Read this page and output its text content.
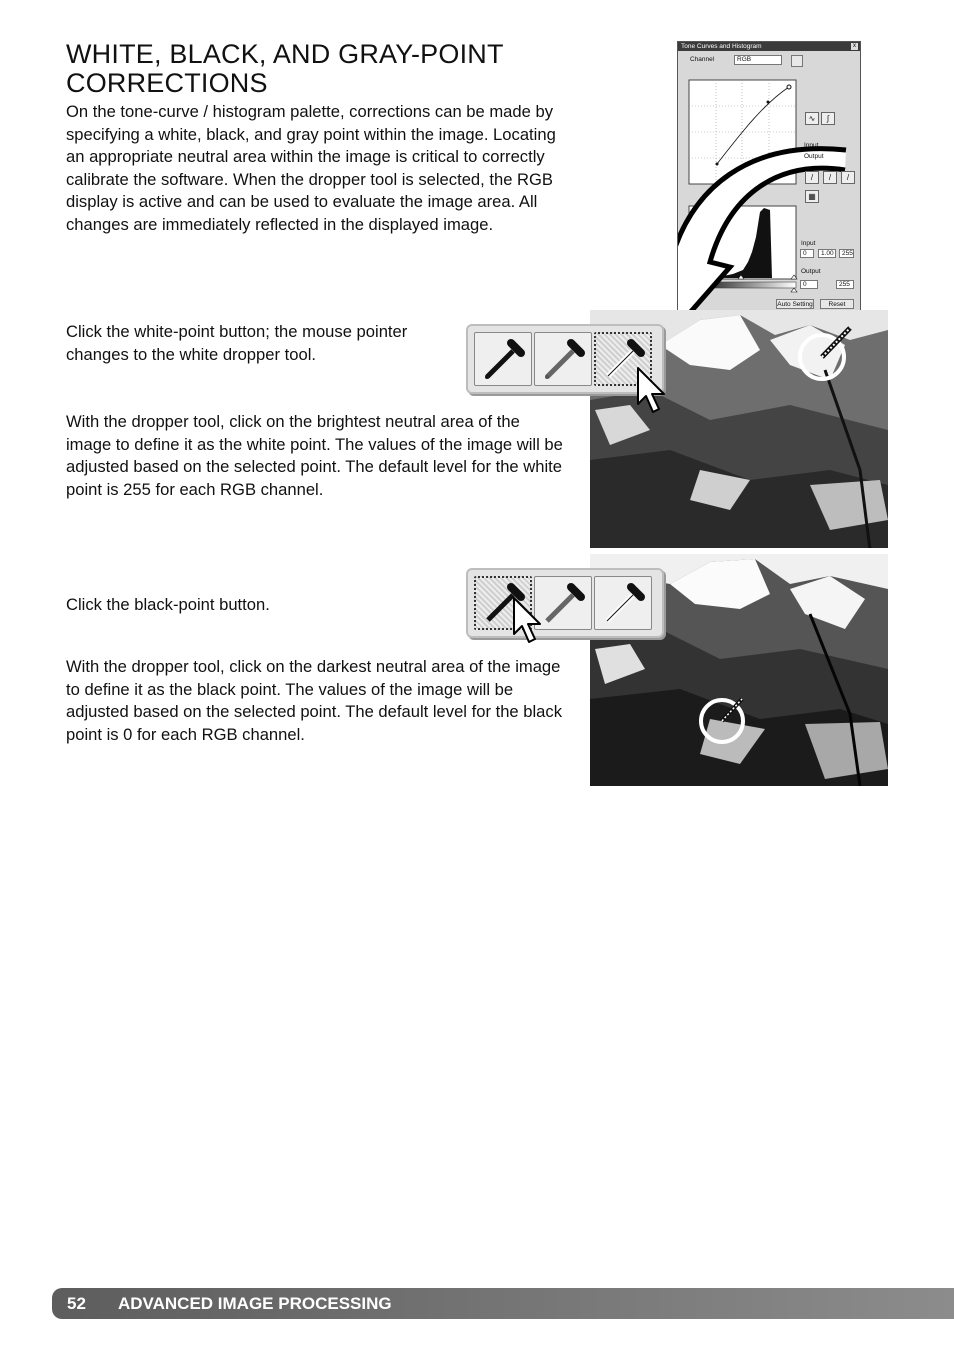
WHITE, BLACK, AND GRAY-POINT CORRECTIONS

On the tone-curve / histogram palette, corrections can be made by specifying a white, black, and gray point within the image. Locating an appropriate neutral area within the image is critical to correctly calibrate the software. When the dropper tool is selected, the RGB display is active and can be used to evaluate the image area. All changes are immediately reflected in the displayed image.

Click the white-point button; the mouse pointer changes to the white dropper tool.

With the dropper tool, click on the brightest neutral area of the image to define it as the white point. The values of the image will be adjusted based on the selected point. The default level for the white point is 255 for each RGB channel.

Click the black-point button.

With the dropper tool, click on the darkest neutral area of the image to define it as the black point. The values of the image will be adjusted based on the selected point. The default level for the black point is 0 for each RGB channel.

Tone Curves and Histogram	x
Channel	RGB
∿	∫
Input
Output
/	/	/
▦
Input
0	1.00	255
Output
0	255
Auto Setting	Reset
52 ADVANCED IMAGE PROCESSING
